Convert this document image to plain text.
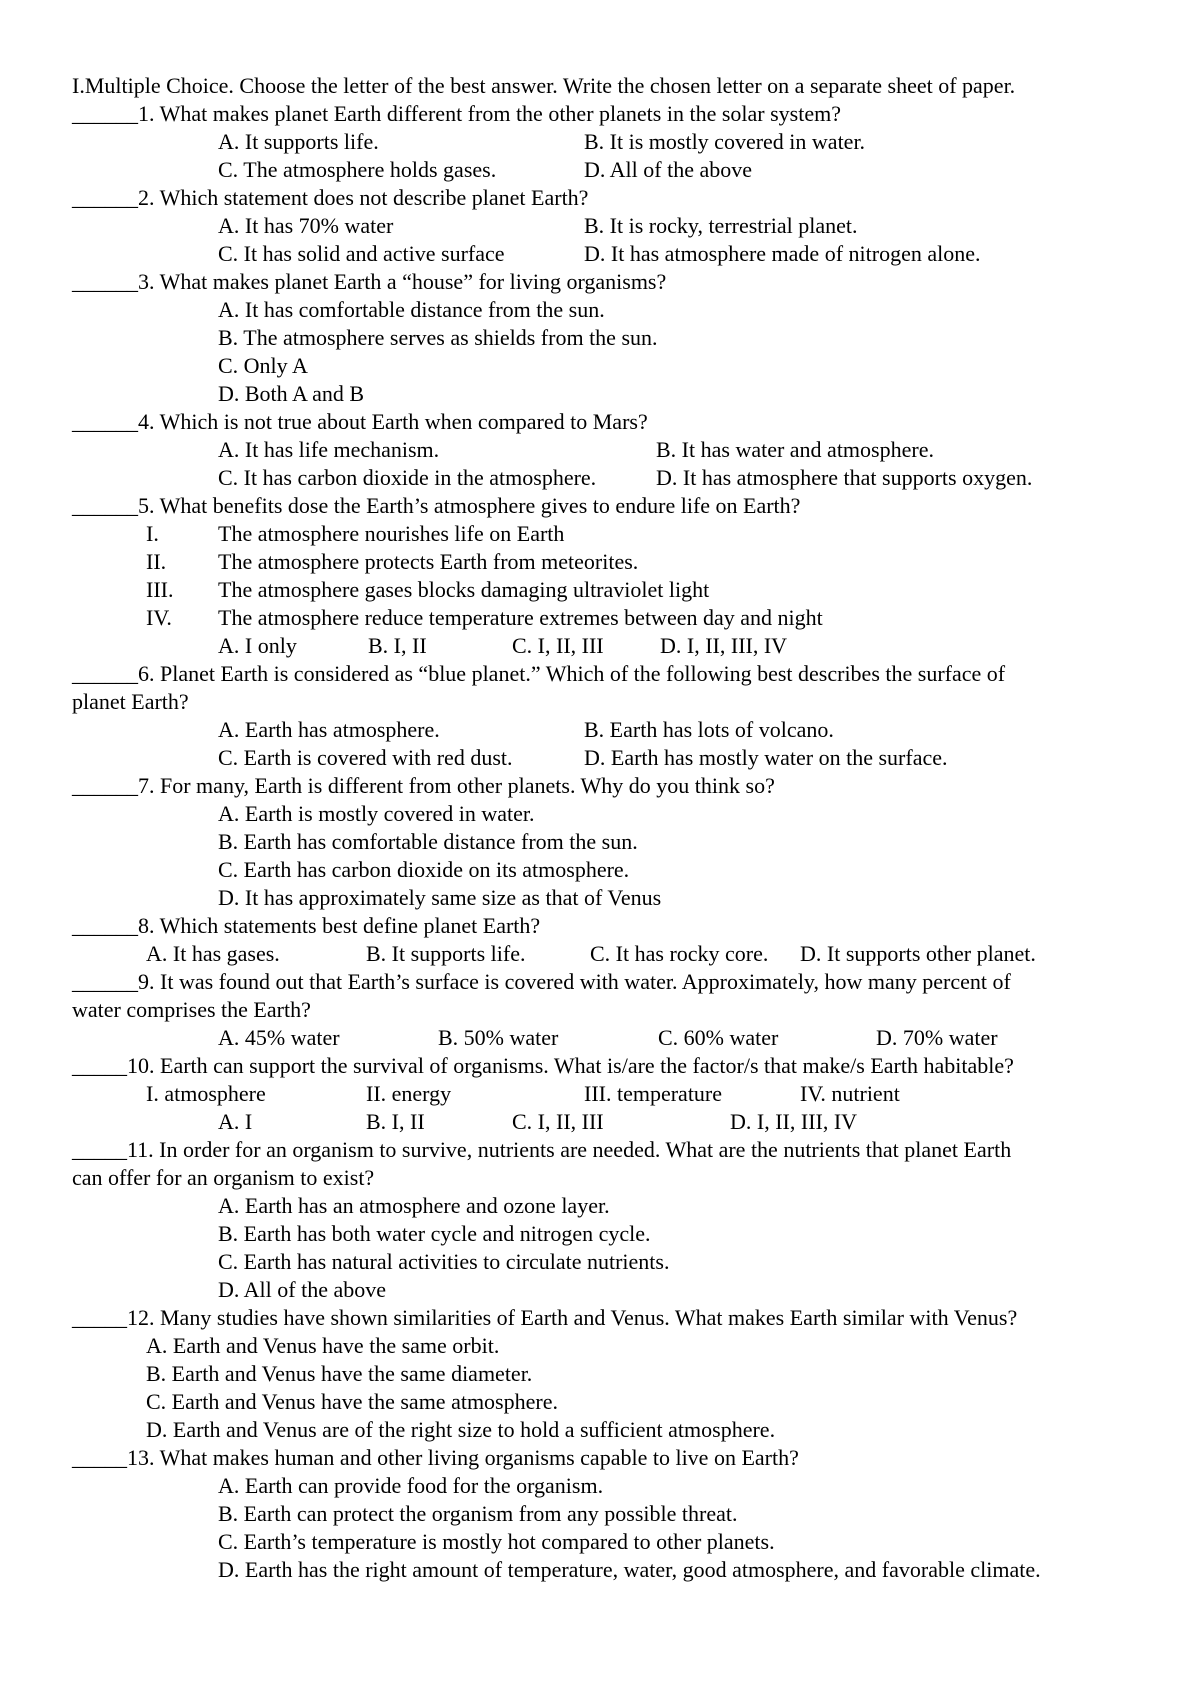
I.Multiple Choice. Choose the letter of the best answer. Write the chosen letter on a separate sheet of paper.
______1. What makes planet Earth different from the other planets in the solar system?
A. It supports life.	B. It is mostly covered in water.
C. The atmosphere holds gases.	D. All of the above
______2. Which statement does not describe planet Earth?
A. It has 70% water	B. It is rocky, terrestrial planet.
C. It has solid and active surface	D. It has atmosphere made of nitrogen alone.
______3. What makes planet Earth a “house” for living organisms?
A. It has comfortable distance from the sun.
B. The atmosphere serves as shields from the sun.
C. Only A
D. Both A and B
______4. Which is not true about Earth when compared to Mars?
A. It has life mechanism.	B. It has water and atmosphere.
C. It has carbon dioxide in the atmosphere.	D. It has atmosphere that supports oxygen.
______5. What benefits dose the Earth’s atmosphere gives to endure life on Earth?
I.	The atmosphere nourishes life on Earth
II. The atmosphere protects Earth from meteorites.
III. The atmosphere gases blocks damaging ultraviolet light
IV. The atmosphere reduce temperature extremes between day and night
A. I only	B. I, II	C. I, II, III	D. I, II, III, IV
______6. Planet Earth is considered as “blue planet.” Which of the following best describes the surface of
planet Earth?
A. Earth has atmosphere.	B. Earth has lots of volcano.
C. Earth is covered with red dust.	D. Earth has mostly water on the surface.
______7. For many, Earth is different from other planets. Why do you think so?
A. Earth is mostly covered in water.
B. Earth has comfortable distance from the sun.
C. Earth has carbon dioxide on its atmosphere.
D. It has approximately same size as that of Venus
______8. Which statements best define planet Earth?
A. It has gases.	B. It supports life.	C. It has rocky core. D. It supports other planet.
______9. It was found out that Earth’s surface is covered with water. Approximately, how many percent of
water comprises the Earth?
A. 45% water	B. 50% water	C. 60% water	D. 70% water
_____10. Earth can support the survival of organisms. What is/are the factor/s that make/s Earth habitable?
I. atmosphere	II. energy	III. temperature	IV. nutrient
A. I	B. I, II	C. I, II, III	D. I, II, III, IV
_____11. In order for an organism to survive, nutrients are needed. What are the nutrients that planet Earth
can offer for an organism to exist?
A. Earth has an atmosphere and ozone layer.
B. Earth has both water cycle and nitrogen cycle.
C. Earth has natural activities to circulate nutrients.
D. All of the above
_____12. Many studies have shown similarities of Earth and Venus. What makes Earth similar with Venus?
A. Earth and Venus have the same orbit.
B. Earth and Venus have the same diameter.
C. Earth and Venus have the same atmosphere.
D. Earth and Venus are of the right size to hold a sufficient atmosphere.
_____13. What makes human and other living organisms capable to live on Earth?
A. Earth can provide food for the organism.
B. Earth can protect the organism from any possible threat.
C. Earth’s temperature is mostly hot compared to other planets.
D. Earth has the right amount of temperature, water, good atmosphere, and favorable climate.
